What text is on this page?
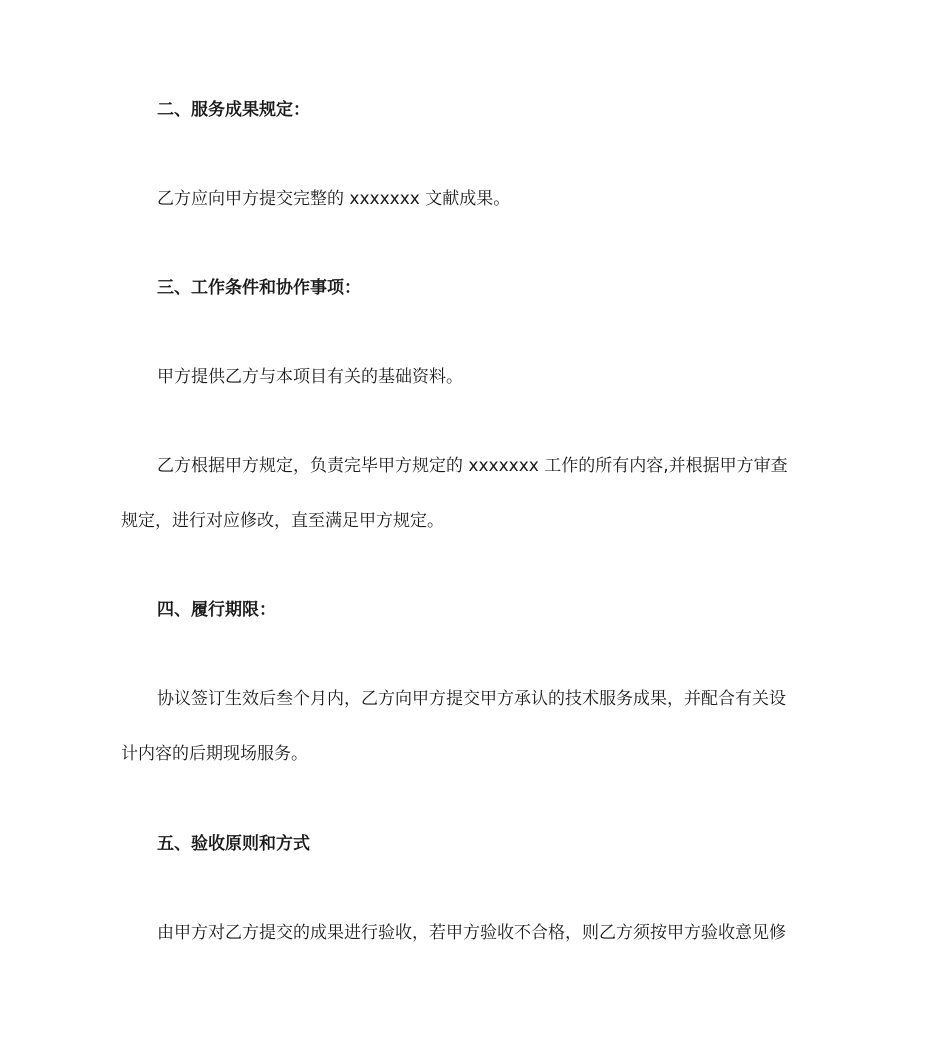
二、服务成果规定：
乙方应向甲方提交完整的 xxxxxxx 文献成果。
三、工作条件和协作事项：
甲方提供乙方与本项目有关的基础资料。
乙方根据甲方规定，负责完毕甲方规定的 xxxxxxx 工作的所有内容,并根据甲方审查
规定，进行对应修改，直至满足甲方规定。
四、履行期限：
协议签订生效后叁个月内，乙方向甲方提交甲方承认的技术服务成果，并配合有关设
计内容的后期现场服务。
五、验收原则和方式
由甲方对乙方提交的成果进行验收，若甲方验收不合格，则乙方须按甲方验收意见修
